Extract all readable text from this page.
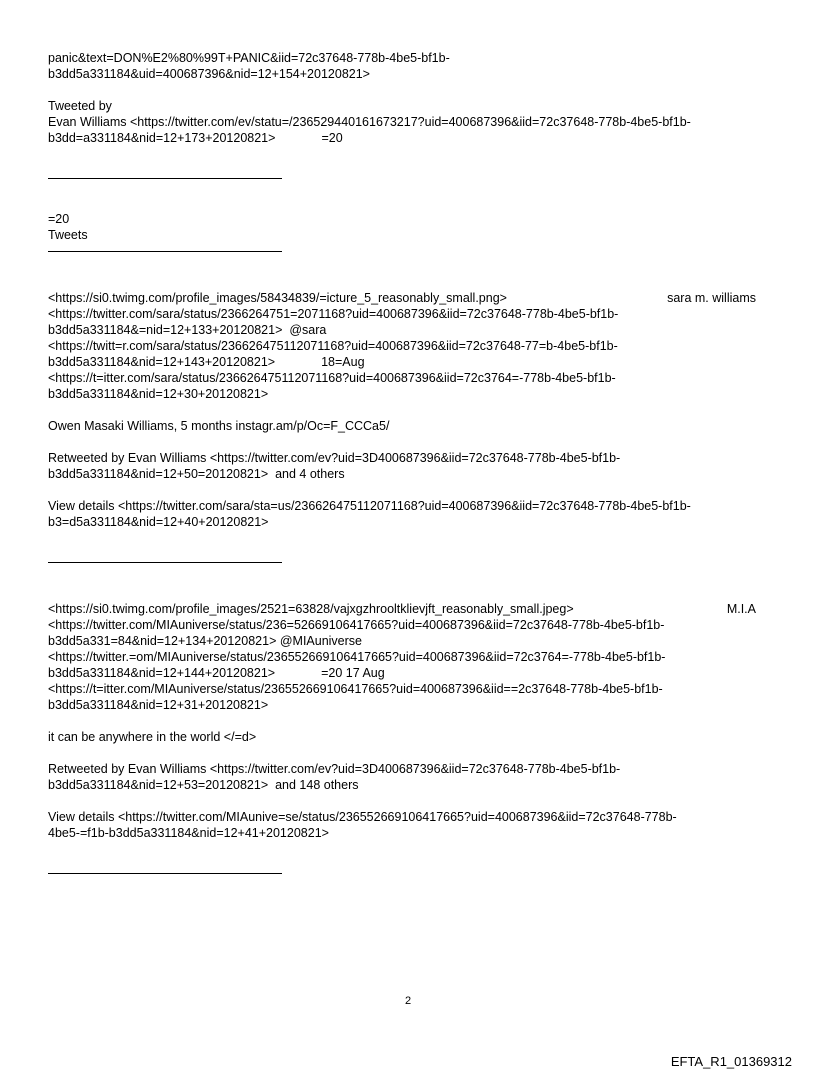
panic&text=DON%E2%80%99T+PANIC&iid=72c37648-778b-4be5-bf1b-
b3dd5a331184&uid=400687396&nid=12+154+20120821>
Tweeted by
Evan Williams <https://twitter.com/ev/statu=/236529440161673217?uid=400687396&iid=72c37648-778b-4be5-bf1b-
b3dd=a331184&nid=12+173+20120821>	=20
=20
Tweets
<https://si0.twimg.com/profile_images/58434839/=icture_5_reasonably_small.png>	sara m. williams
<https://twitter.com/sara/status/2366264751=2071168?uid=400687396&iid=72c37648-778b-4be5-bf1b-
b3dd5a331184&=nid=12+133+20120821>  @sara
<https://twitt=r.com/sara/status/236626475112071168?uid=400687396&iid=72c37648-77=b-4be5-bf1b-
b3dd5a331184&nid=12+143+20120821>	18=Aug
<https://t=itter.com/sara/status/236626475112071168?uid=400687396&iid=72c3764=-778b-4be5-bf1b-
b3dd5a331184&nid=12+30+20120821>
Owen Masaki Williams, 5 months instagr.am/p/Oc=F_CCCa5/
Retweeted by Evan Williams <https://twitter.com/ev?uid=3D400687396&iid=72c37648-778b-4be5-bf1b-
b3dd5a331184&nid=12+50=20120821>  and 4 others
View details <https://twitter.com/sara/sta=us/236626475112071168?uid=400687396&iid=72c37648-778b-4be5-bf1b-
b3=d5a331184&nid=12+40+20120821>
<https://si0.twimg.com/profile_images/2521=63828/vajxgzhrooltklievjft_reasonably_small.jpeg>	M.I.A
<https://twitter.com/MIAuniverse/status/236=52669106417665?uid=400687396&iid=72c37648-778b-4be5-bf1b-
b3dd5a331=84&nid=12+134+20120821> @MIAuniverse
<https://twitter.=om/MIAuniverse/status/236552669106417665?uid=400687396&iid=72c3764=-778b-4be5-bf1b-
b3dd5a331184&nid=12+144+20120821>	=20 17 Aug
<https://t=itter.com/MIAuniverse/status/236552669106417665?uid=400687396&iid==2c37648-778b-4be5-bf1b-
b3dd5a331184&nid=12+31+20120821>
it can be anywhere in the world </=d>
Retweeted by Evan Williams <https://twitter.com/ev?uid=3D400687396&iid=72c37648-778b-4be5-bf1b-
b3dd5a331184&nid=12+53=20120821>  and 148 others
View details <https://twitter.com/MIAunive=se/status/236552669106417665?uid=400687396&iid=72c37648-778b-
4be5-=f1b-b3dd5a331184&nid=12+41+20120821>
2
EFTA_R1_01369312
